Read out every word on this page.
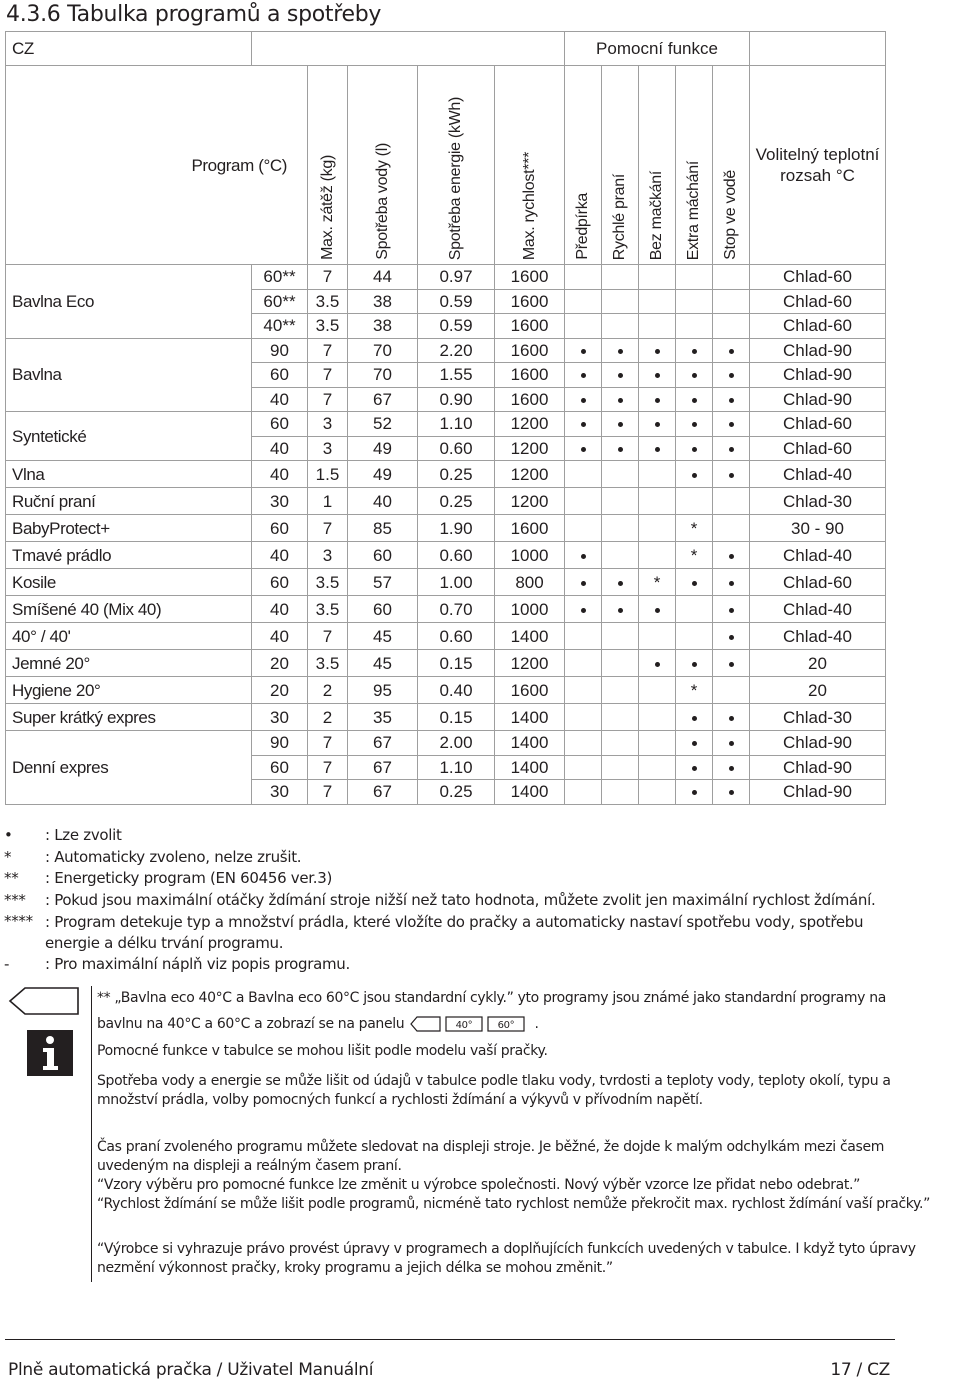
4.3.6 Tabulka programů a spotřeby
CZ						Pomocní funkce					
Program (°C)		Max. zátěž (kg)	Spotřeba vody (l)	Spotřeba energie (kWh)	Max. rychlost***	Předpírka	Rychlé praní	Bez mačkání	Extra máchání	Stop ve vodě	Volitelný teplotní rozsah °C
Bavlna Eco	60**	7	44	0.97	1600						Chlad-60
	60**	3.5	38	0.59	1600						Chlad-60
	40**	3.5	38	0.59	1600						Chlad-60
Bavlna	90	7	70	2.20	1600						Chlad-90
	60	7	70	1.55	1600						Chlad-90
	40	7	67	0.90	1600						Chlad-90
Syntetické	60	3	52	1.10	1200						Chlad-60
	40	3	49	0.60	1200						Chlad-60
Vlna	40	1.5	49	0.25	1200						Chlad-40
Ruční praní	30	1	40	0.25	1200						Chlad-30
BabyProtect+	60	7	85	1.90	1600				*		30 - 90
Tmavé prádlo	40	3	60	0.60	1000				*		Chlad-40
Kosile	60	3.5	57	1.00	800			*			Chlad-60
Smíšené 40 (Mix 40)	40	3.5	60	0.70	1000						Chlad-40
40° / 40'	40	7	45	0.60	1400						Chlad-40
Jemné 20°	20	3.5	45	0.15	1200						20
Hygiene 20°	20	2	95	0.40	1600				*		20
Super krátký expres	30	2	35	0.15	1400						Chlad-30
Denní expres	90	7	67	2.00	1400						Chlad-90
	60	7	67	1.10	1400						Chlad-90
	30	7	67	0.25	1400						Chlad-90
• : Lze zvolit
* : Automaticky zvoleno, nelze zrušit.
** : Energeticky program (EN 60456 ver.3)
*** : Pokud jsou maximální otáčky ždímání stroje nižší než tato hodnota, můžete zvolit jen maximální rychlost ždímání.
**** : Program detekuje typ a množství prádla, které vložíte do pračky a automaticky nastaví spotřebu vody, spotřebu energie a délku trvání programu.
- : Pro maximální náplň viz popis programu.
** „Bavlna eco 40°C a Bavlna eco 60°C jsou standardní cykly.” yto programy jsou známé jako standardní programy na
bavlnu na 40°C a 60°C a zobrazí se na panelu	40°	60° .
Pomocné funkce v tabulce se mohou lišit podle modelu vaší pračky.
Spotřeba vody a energie se může lišit od údajů v tabulce podle tlaku vody, tvrdosti a teploty vody, teploty okolí, typu a
množství prádla, volby pomocných funkcí a rychlosti ždímání a výkyvů v přívodním napětí.
Čas praní zvoleného programu můžete sledovat na displeji stroje. Je běžné, že dojde k malým odchylkám mezi časem
uvedeným na displeji a reálným časem praní.
“Vzory výběru pro pomocné funkce lze změnit u výrobce společnosti. Nový výběr vzorce lze přidat nebo odebrat.”
“Rychlost ždímání se může lišit podle programů, nicméně tato rychlost nemůže překročit max. rychlost ždímání vaší pračky.”
“Výrobce si vyhrazuje právo provést úpravy v programech a doplňujících funkcích uvedených v tabulce. I když tyto úpravy
nezmění výkonnost pračky, kroky programu a jejich délka se mohou změnit.”
Plně automatická pračka / Uživatel Manuální	17 / CZ
